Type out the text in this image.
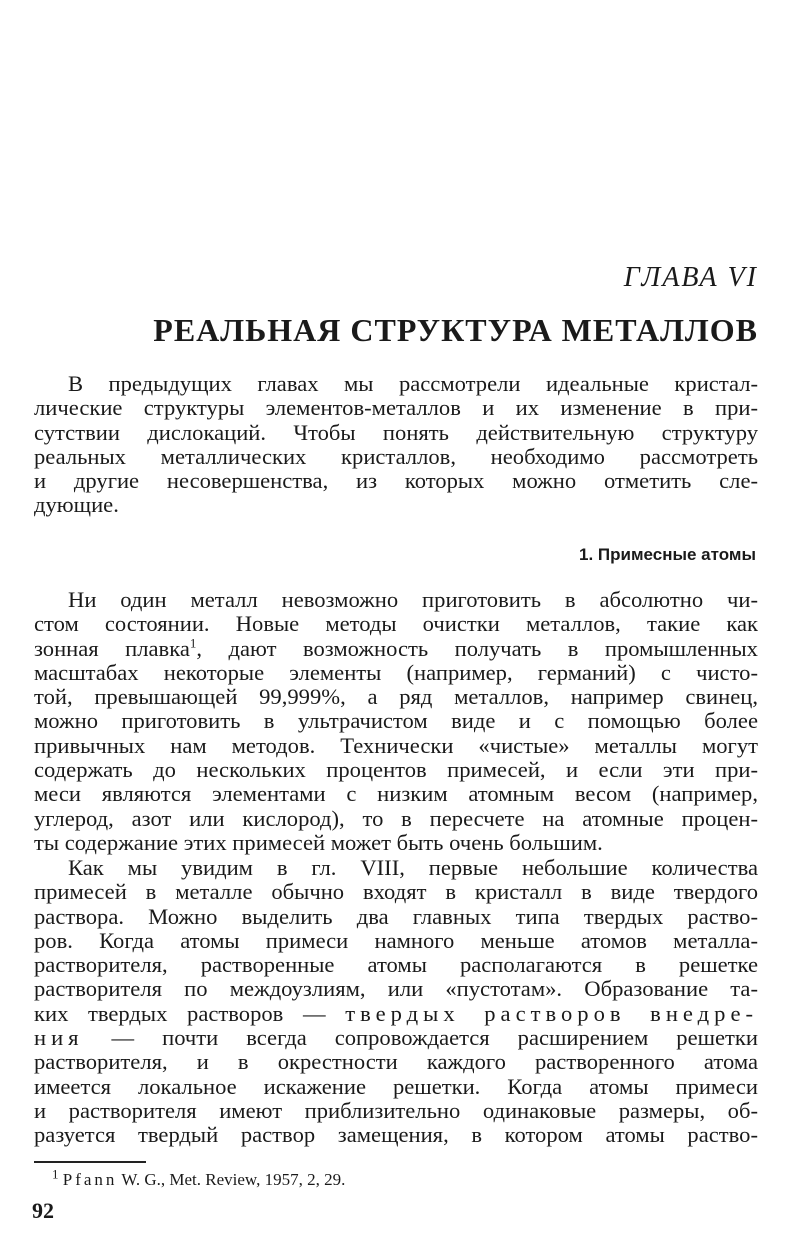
ГЛАВА VI
РЕАЛЬНАЯ СТРУКТУРА МЕТАЛЛОВ
В предыдущих главах мы рассмотрели идеальные кристал-
лические структуры элементов-металлов и их изменение в при-
сутствии дислокаций. Чтобы понять действительную структуру
реальных металлических кристаллов, необходимо рассмотреть
и другие несовершенства, из которых можно отметить сле-
дующие.
1. Примесные атомы
Ни один металл невозможно приготовить в абсолютно чи-
стом состоянии. Новые методы очистки металлов, такие как
зонная плавка$^1$, дают возможность получать в промышленных
масштабах некоторые элементы (например, германий) с чисто-
той, превышающей 99,999%, а ряд металлов, например свинец,
можно приготовить в ультрачистом виде и с помощью более
привычных нам методов. Технически «чистые» металлы могут
содержать до нескольких процентов примесей, и если эти при-
меси являются элементами с низким атомным весом (например,
углерод, азот или кислород), то в пересчете на атомные процен-
ты содержание этих примесей может быть очень большим.
Как мы увидим в гл. VIII, первые небольшие количества
примесей в металле обычно входят в кристалл в виде твердого
раствора. Можно выделить два главных типа твердых раство-
ров. Когда атомы примеси намного меньше атомов металла-
растворителя, растворенные атомы располагаются в решетке
растворителя по междоузлиям, или «пустотам». Образование та-
ких твердых растворов — твердых растворов внедре-
ния — почти всегда сопровождается расширением решетки
растворителя, и в окрестности каждого растворенного атома
имеется локальное искажение решетки. Когда атомы примеси
и растворителя имеют приблизительно одинаковые размеры, об-
разуется твердый раствор замещения, в котором атомы раство-
$^1$ Pfann W. G., Met. Review, 1957, 2, 29.
92
